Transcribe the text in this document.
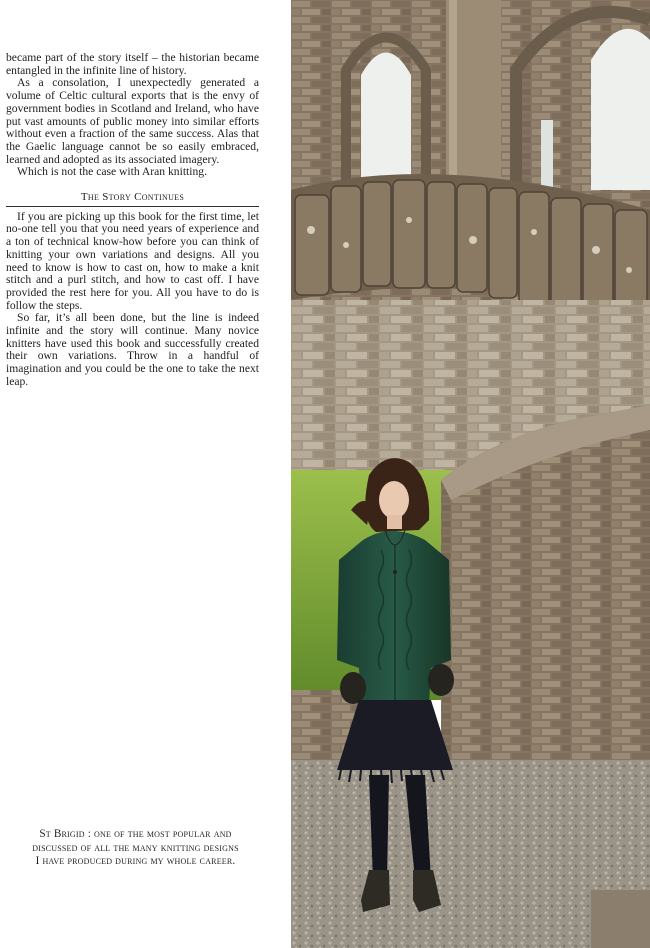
became part of the story itself – the historian became entangled in the infinite line of history.

As a consolation, I unexpectedly generated a volume of Celtic cultural exports that is the envy of government bodies in Scotland and Ireland, who have put vast amounts of public money into similar efforts without even a fraction of the same success. Alas that the Gaelic language cannot be so easily embraced, learned and adopted as its associated imagery.

Which is not the case with Aran knitting.

The Story Continues

If you are picking up this book for the first time, let no-one tell you that you need years of experience and a ton of technical know-how before you can think of knitting your own variations and designs. All you need to know is how to cast on, how to make a knit stitch and a purl stitch, and how to cast off. I have provided the rest here for you. All you have to do is follow the steps.

So far, it’s all been done, but the line is indeed infinite and the story will continue. Many novice knitters have used this book and successfully created their own variations. Throw in a handful of imagination and you could be the one to take the next leap.

St Brigid : one of the most popular and
discussed of all the many knitting designs
I have produced during my whole career.
